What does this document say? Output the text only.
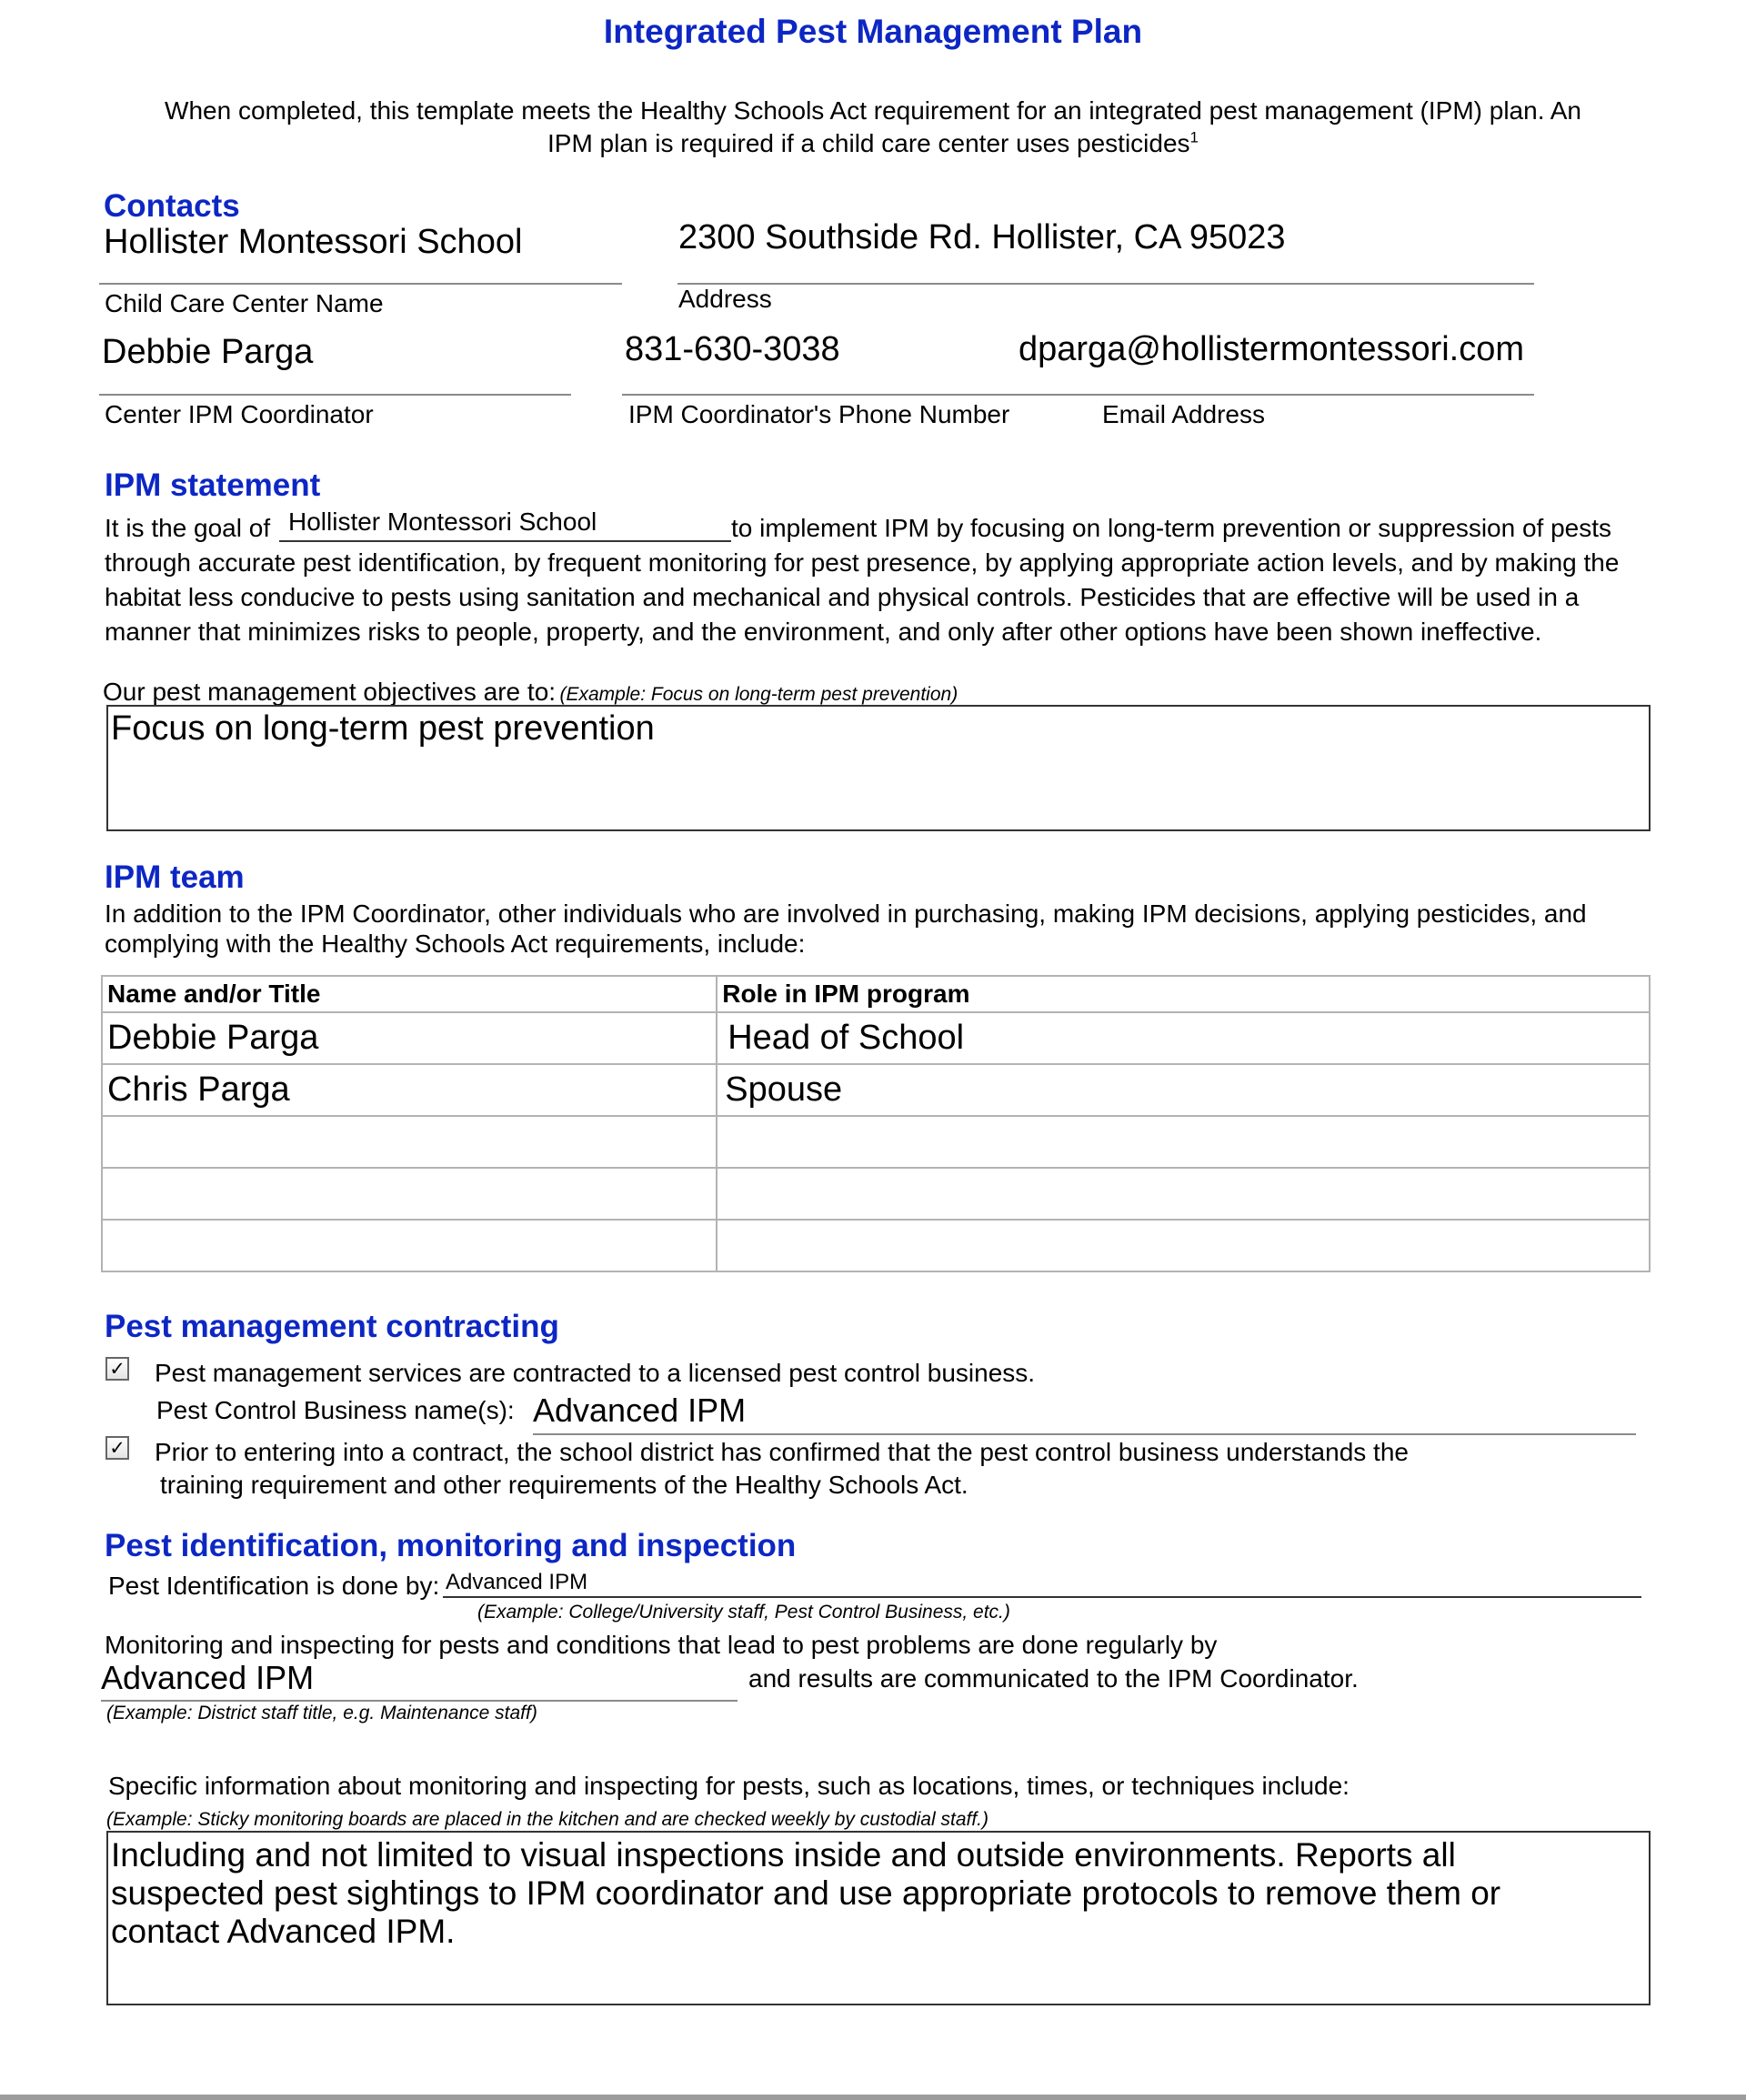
Integrated Pest Management Plan
When completed, this template meets the Healthy Schools Act requirement for an integrated pest management (IPM) plan. An IPM plan is required if a child care center uses pesticides$^1$
Contacts
Hollister Montessori School
Child Care Center Name
2300 Southside Rd. Hollister, CA 95023
Address
Debbie Parga
Center IPM Coordinator
831-630-3038
IPM Coordinator's Phone Number
dparga@hollistermontessori.com
Email Address
IPM statement
It is the goal of Hollister Montessori School	to implement IPM by focusing on long-term prevention or suppression of pests
through accurate pest identification, by frequent monitoring for pest presence, by applying appropriate action levels, and by making the
habitat less conducive to pests using sanitation and mechanical and physical controls. Pesticides that are effective will be used in a
manner that minimizes risks to people, property, and the environment, and only after other options have been shown ineffective.
Our pest management objectives are to: (Example: Focus on long-term pest prevention)
Focus on long-term pest prevention
IPM team
In addition to the IPM Coordinator, other individuals who are involved in purchasing, making IPM decisions, applying pesticides, and
complying with the Healthy Schools Act requirements, include:
Name and/or Title	Role in IPM program
Debbie Parga	Head of School
Chris Parga	Spouse

Pest management contracting
✓ Pest management services are contracted to a licensed pest control business.
Pest Control Business name(s): Advanced IPM
✓ Prior to entering into a contract, the school district has confirmed that the pest control business understands the
training requirement and other requirements of the Healthy Schools Act.
Pest identification, monitoring and inspection
Pest Identification is done by: Advanced IPM
(Example: College/University staff, Pest Control Business, etc.)
Monitoring and inspecting for pests and conditions that lead to pest problems are done regularly by
Advanced IPM	and results are communicated to the IPM Coordinator.
(Example: District staff title, e.g. Maintenance staff)
Specific information about monitoring and inspecting for pests, such as locations, times, or techniques include:
(Example: Sticky monitoring boards are placed in the kitchen and are checked weekly by custodial staff.)
Including and not limited to visual inspections inside and outside environments. Reports all
suspected pest sightings to IPM coordinator and use appropriate protocols to remove them or
contact Advanced IPM.
